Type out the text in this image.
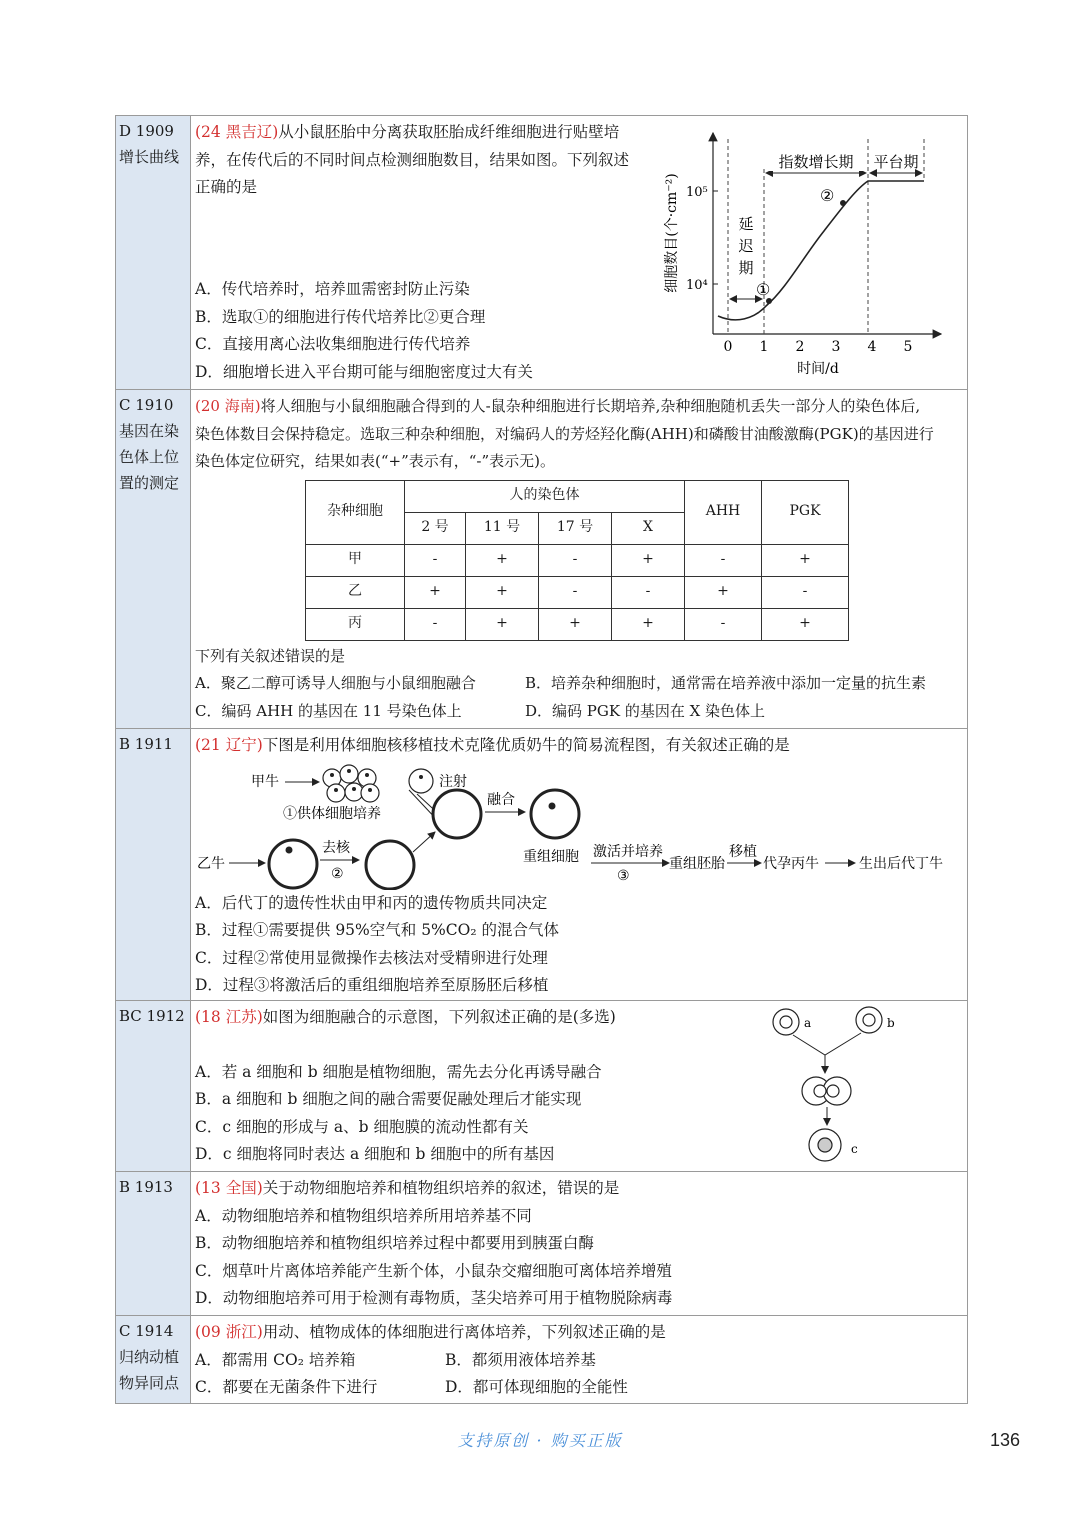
D 1909
增长曲线
(24 黑吉辽)从小鼠胚胎中分离获取胚胎成纤维细胞进行贴壁培
养，在传代后的不同时间点检测细胞数目，结果如图。下列叙述
正确的是
A．传代培养时，培养皿需密封防止污染
B．选取①的细胞进行传代培养比②更合理
C．直接用离心法收集细胞进行传代培养
D．细胞增长进入平台期可能与细胞密度过大有关
10⁵
10⁴
0 1 2 3 4 5
时间/d
细胞数目(个·cm⁻²)
指数增长期 平台期
延迟期
①
②
C 1910
基因在染色体上位置的测定
(20 海南)将人细胞与小鼠细胞融合得到的人-鼠杂种细胞进行长期培养,杂种细胞随机丢失一部分人的染色体后,
染色体数目会保持稳定。选取三种杂种细胞，对编码人的芳烃羟化酶(AHH)和磷酸甘油酸激酶(PGK)的基因进行
染色体定位研究，结果如表(“+”表示有，“-”表示无)。
杂种细胞	人的染色体				AHH	PGK
	2 号	11 号	17 号	X		
甲	-	+	-	+	-	+
乙	+	+	-	-	+	-
丙	-	+	+	+	-	+
下列有关叙述错误的是
A．聚乙二醇可诱导人细胞与小鼠细胞融合	B．培养杂种细胞时，通常需在培养液中添加一定量的抗生素
C．编码 AHH 的基因在 11 号染色体上	D．编码 PGK 的基因在 X 染色体上
B 1911	(21 辽宁)下图是利用体细胞核移植技术克隆优质奶牛的简易流程图，有关叙述正确的是
甲牛
①供体细胞培养
注射
乙牛
去核
②
融合
重组细胞 激活并培养
③
重组胚胎
移植
代孕丙牛	生出后代丁牛
A．后代丁的遗传性状由甲和丙的遗传物质共同决定
B．过程①需要提供 95%空气和 5%CO₂ 的混合气体
C．过程②常使用显微操作去核法对受精卵进行处理
D．过程③将激活后的重组细胞培养至原肠胚后移植
BC 1912 (18 江苏)如图为细胞融合的示意图，下列叙述正确的是(多选)
A．若 a 细胞和 b 细胞是植物细胞，需先去分化再诱导融合
B．a 细胞和 b 细胞之间的融合需要促融处理后才能实现
C．c 细胞的形成与 a、b 细胞膜的流动性都有关
D．c 细胞将同时表达 a 细胞和 b 细胞中的所有基因
a	b
c
B 1913	(13 全国)关于动物细胞培养和植物组织培养的叙述，错误的是
A．动物细胞培养和植物组织培养所用培养基不同
B．动物细胞培养和植物组织培养过程中都要用到胰蛋白酶
C．烟草叶片离体培养能产生新个体，小鼠杂交瘤细胞可离体培养增殖
D．动物细胞培养可用于检测有毒物质，茎尖培养可用于植物脱除病毒
C 1914
归纳动植物异同点
(09 浙江)用动、植物成体的体细胞进行离体培养，下列叙述正确的是
A．都需用 CO₂ 培养箱	B．都须用液体培养基
C．都要在无菌条件下进行	D．都可体现细胞的全能性
支持原创 · 购买正版	136
